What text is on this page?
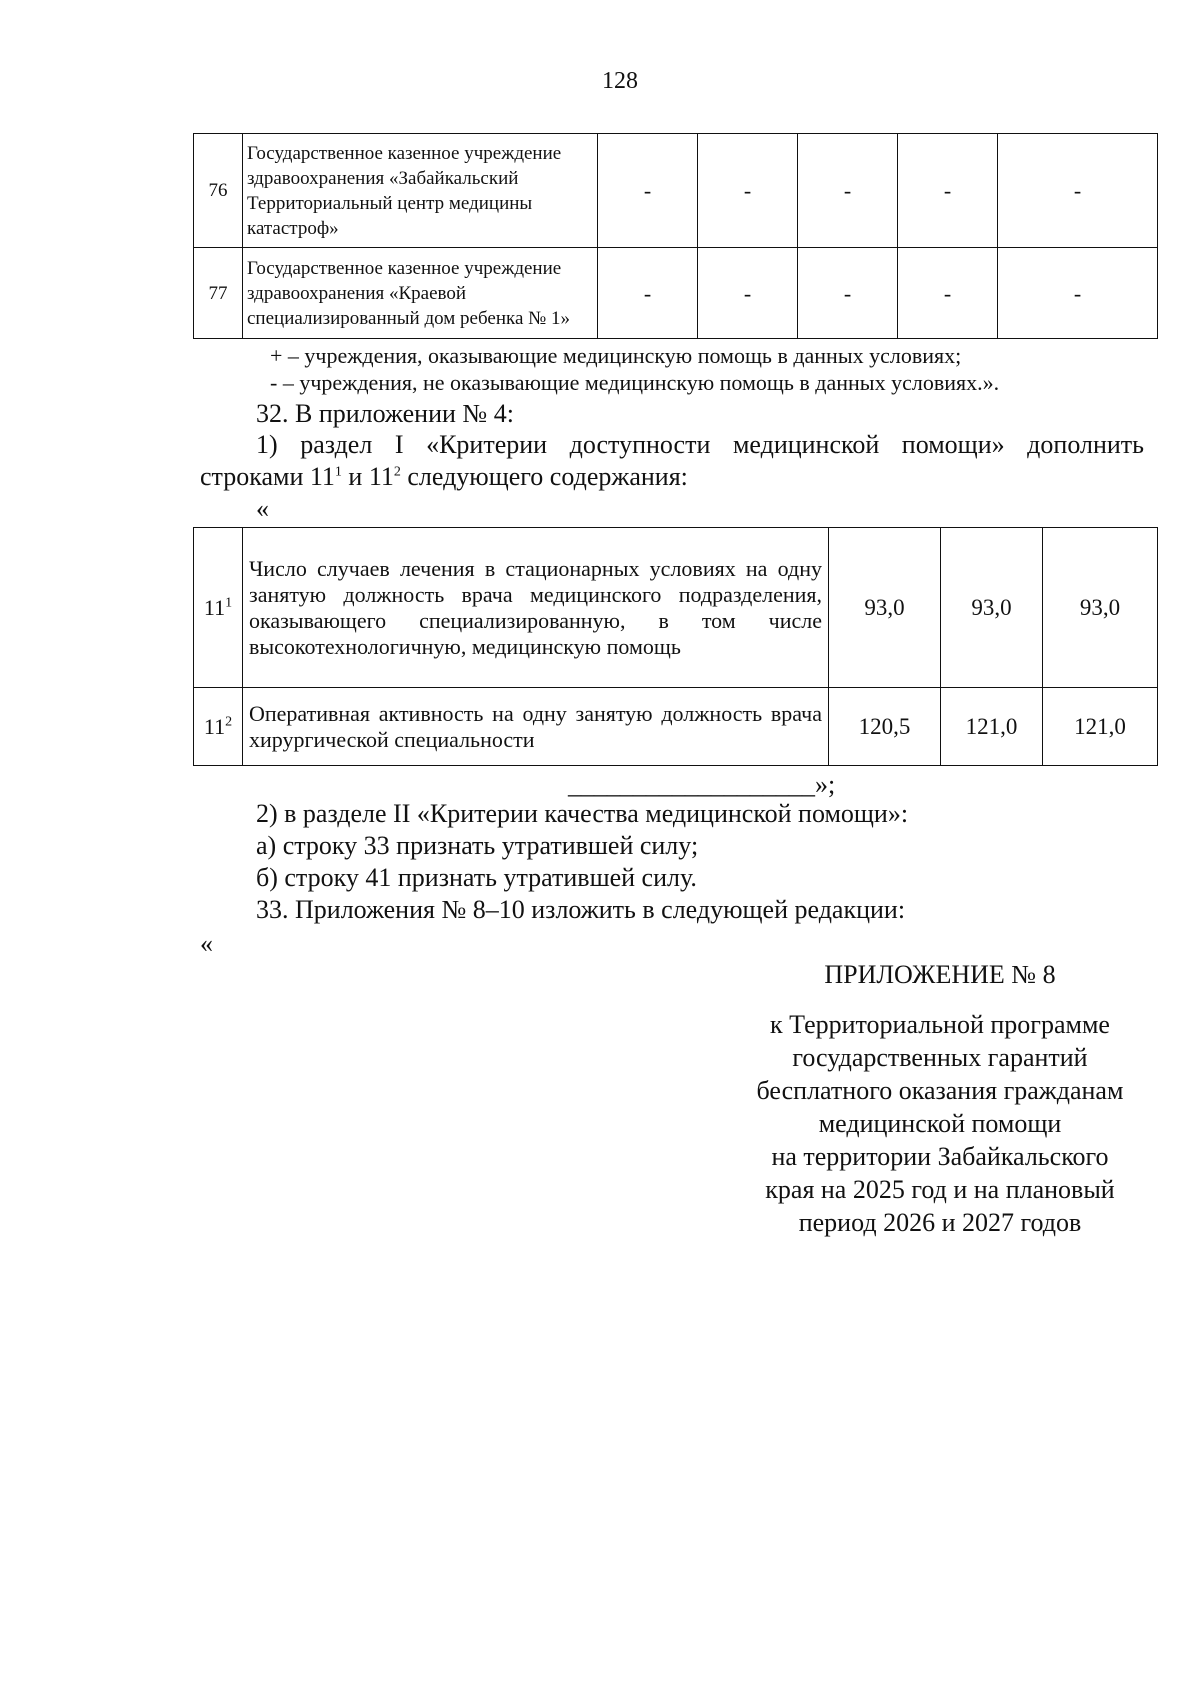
128
76	Государственное казенное учреждение здравоохранения «Забайкальский Территориальный центр медицины катастроф»	-	-	-	-	-
77	Государственное казенное учреждение здравоохранения «Краевой специализированный дом ребенка № 1»	-	-	-	-	-
+ – учреждения, оказывающие медицинскую помощь в данных условиях;
- – учреждения, не оказывающие медицинскую помощь в данных условиях.».
32. В приложении № 4:
1) раздел I «Критерии доступности медицинской помощи» дополнить
строками $11^1$ и $11^2$ следующего содержания:
«
$11^1$	Число случаев лечения в стационарных условиях на одну занятую должность врача медицинского подразделения, оказывающего специализированную, в том числе высокотехнологичную, медицинскую помощь	93,0	93,0	93,0
$11^2$	Оперативная активность на одну занятую должность врача хирургической специальности	120,5	121,0	121,0
___________________»;
2) в разделе II «Критерии качества медицинской помощи»:
а) строку 33 признать утратившей силу;
б) строку 41 признать утратившей силу.
33. Приложения № 8–10 изложить в следующей редакции:
«
ПРИЛОЖЕНИЕ № 8
к Территориальной программе
государственных гарантий
бесплатного оказания гражданам
медицинской помощи
на территории Забайкальского
края на 2025 год и на плановый
период 2026 и 2027 годов
